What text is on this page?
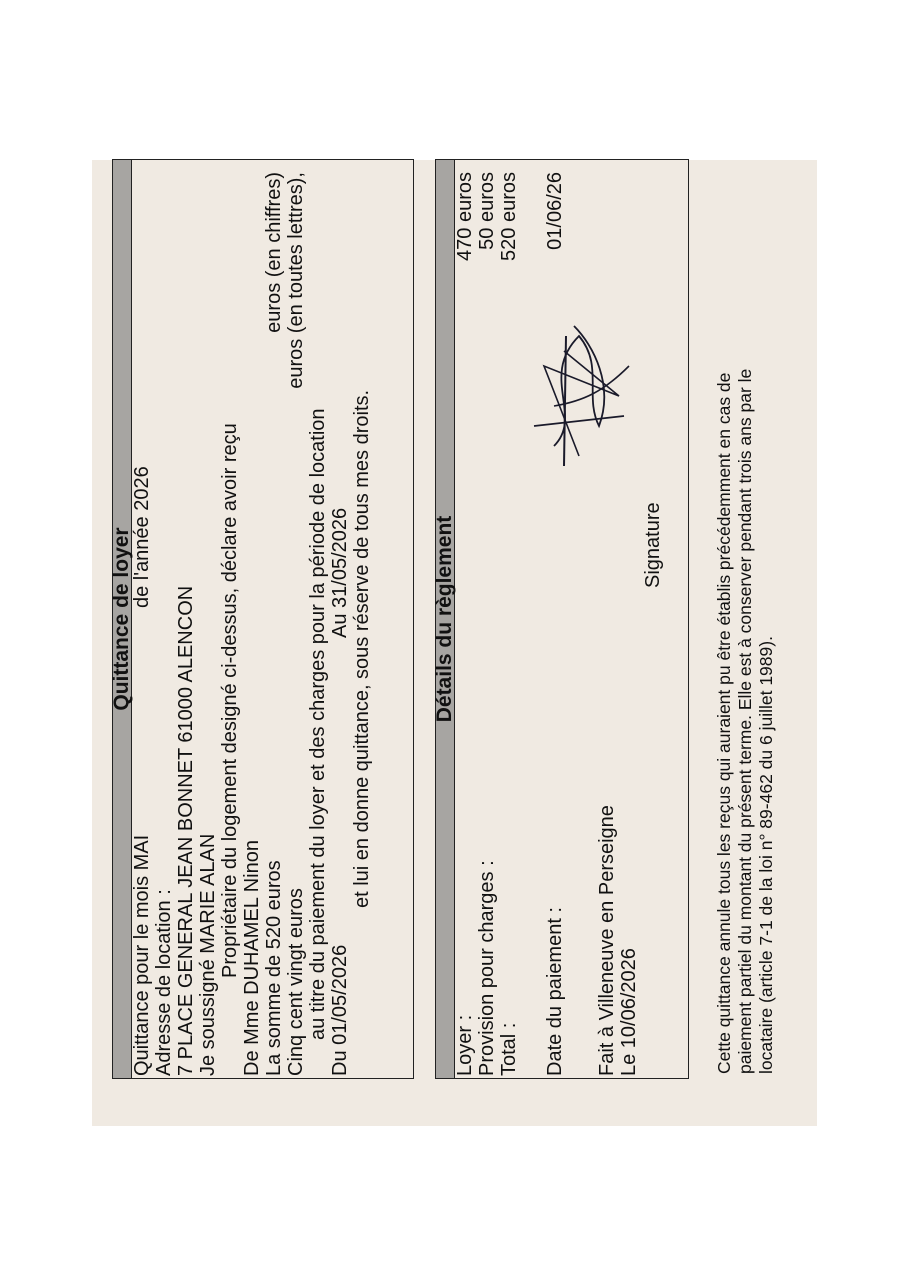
Quittance de loyer
Quittance pour le mois MAI
de l'année 2026
Adresse de location : 7 PLACE GENERAL JEAN BONNET 61000 ALENCON Je soussigné MARIE ALAN Propriétaire du logement designé ci-dessus, déclare avoir reçu De Mme DUHAMEL Ninon La somme de 520 euros
euros (en chiffres)
Cinq cent vingt euros
euros (en toutes lettres),
au titre du paiement du loyer et des charges pour la période de location Du 01/05/2026
Au 31/05/2026 et lui en donne quittance, sous réserve de tous mes droits.	Détails du règlement
Loyer :
470 euros
Provision pour charges :
50 euros
Total :
520 euros
Date du paiement :
01/06/26
Fait à Villeneuve en Perseigne Le 10/06/2026
Signature	Cette quittance annule tous les reçus qui auraient pu être établis précédemment en cas de paiement partiel du montant du présent terme. Elle est à conserver pendant trois ans par le locataire (article 7-1 de la loi n° 89-462 du 6 juillet 1989).
